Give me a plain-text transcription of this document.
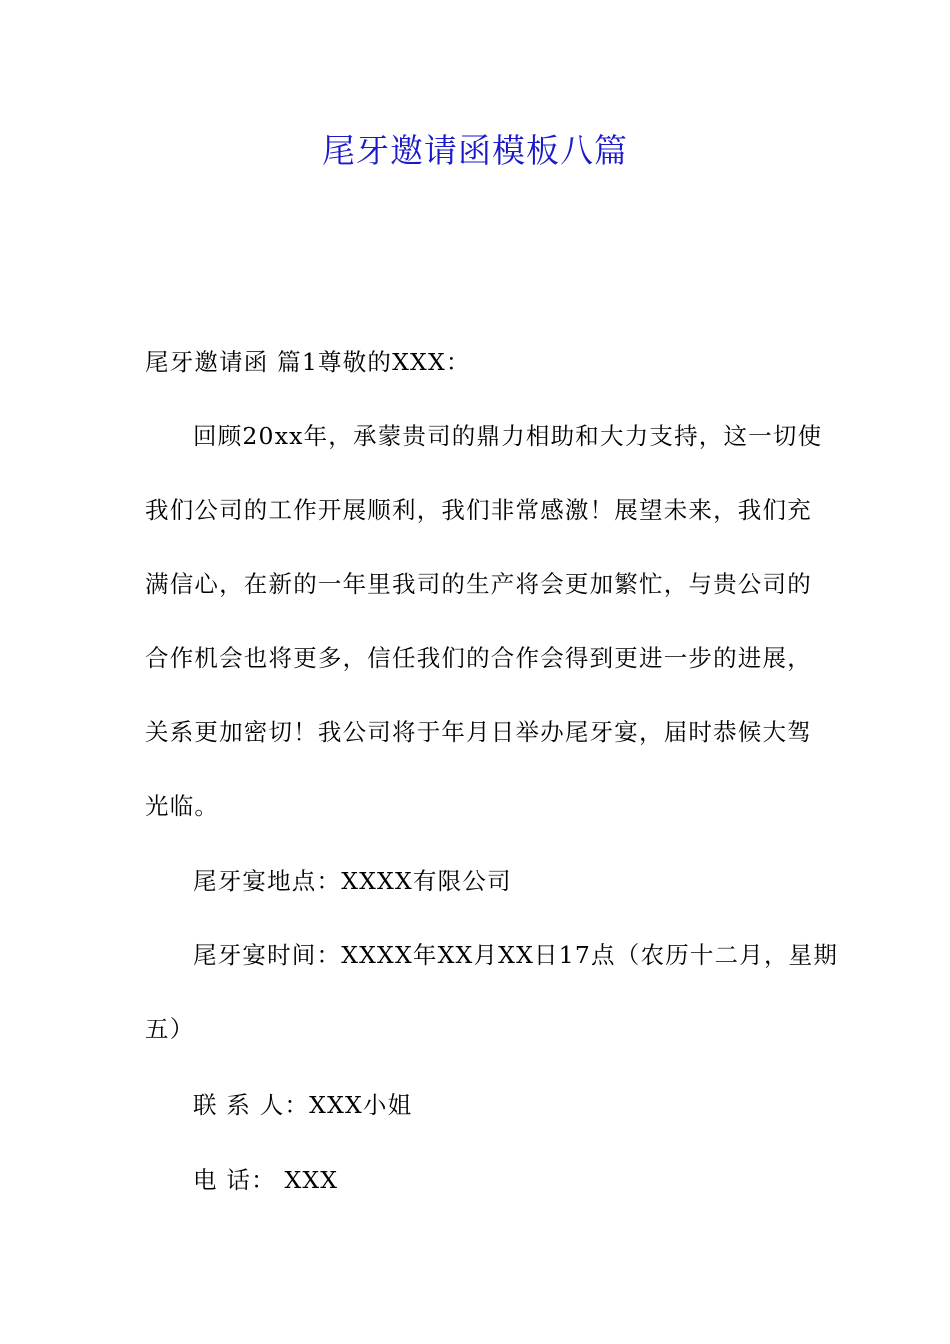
尾牙邀请函模板八篇
尾牙邀请函 篇1尊敬的XXX：
回顾20xx年，承蒙贵司的鼎力相助和大力支持，这一切使
我们公司的工作开展顺利，我们非常感激！展望未来，我们充
满信心，在新的一年里我司的生产将会更加繁忙，与贵公司的
合作机会也将更多，信任我们的合作会得到更进一步的进展，
关系更加密切！我公司将于年月日举办尾牙宴，届时恭候大驾
光临。
尾牙宴地点：XXXX有限公司
尾牙宴时间：XXXX年XX月XX日17点（农历十二月，星期
五）
联 系 人：XXX小姐
电 话： XXX
